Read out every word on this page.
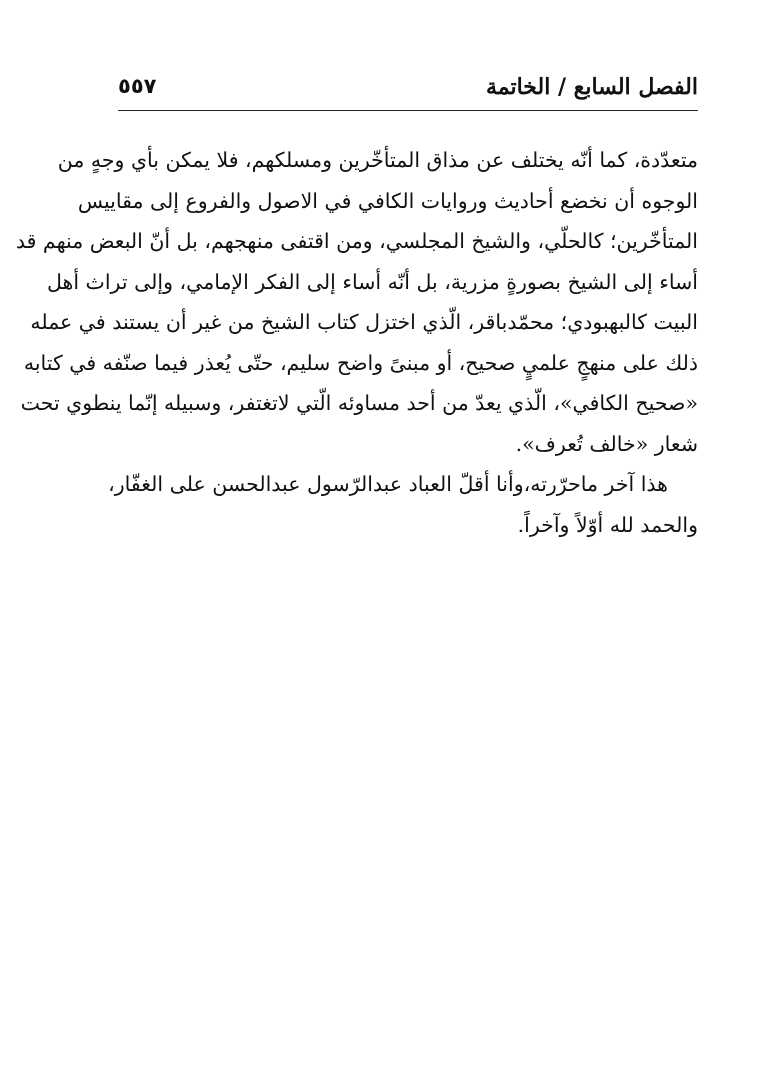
الفصل السابع / الخاتمة
٥٥٧
متعدّدة، كما أنّه يختلف عن مذاق المتأخّرين ومسلكهم، فلا يمكن بأي وجهٍ من
الوجوه أن نخضع أحاديث وروايات الكافي في الاصول والفروع إلى مقاييس
المتأخّرين؛ كالحلّي، والشيخ المجلسي، ومن اقتفى منهجهم، بل أنّ البعض منهم قد
أساء إلى الشيخ بصورةٍ مزرية، بل أنّه أساء إلى الفكر الإمامي، وإلى تراث أهل
البيت كالبهبودي؛ محمّدباقر، الّذي اختزل كتاب الشيخ من غير أن يستند في عمله
ذلك على منهجٍ علميٍ صحيح، أو مبنىً واضح سليم، حتّى يُعذر فيما صنّفه في كتابه
«صحيح الكافي»، الّذي يعدّ من أحد مساوئه الّتي لاتغتفر، وسبيله إنّما ينطوي تحت
شعار «خالف تُعرف».
هذا آخر ماحرّرته،وأنا أقلّ العباد عبدالرّسول عبدالحسن على الغفّار،
والحمد لله أوّلاً وآخراً.
